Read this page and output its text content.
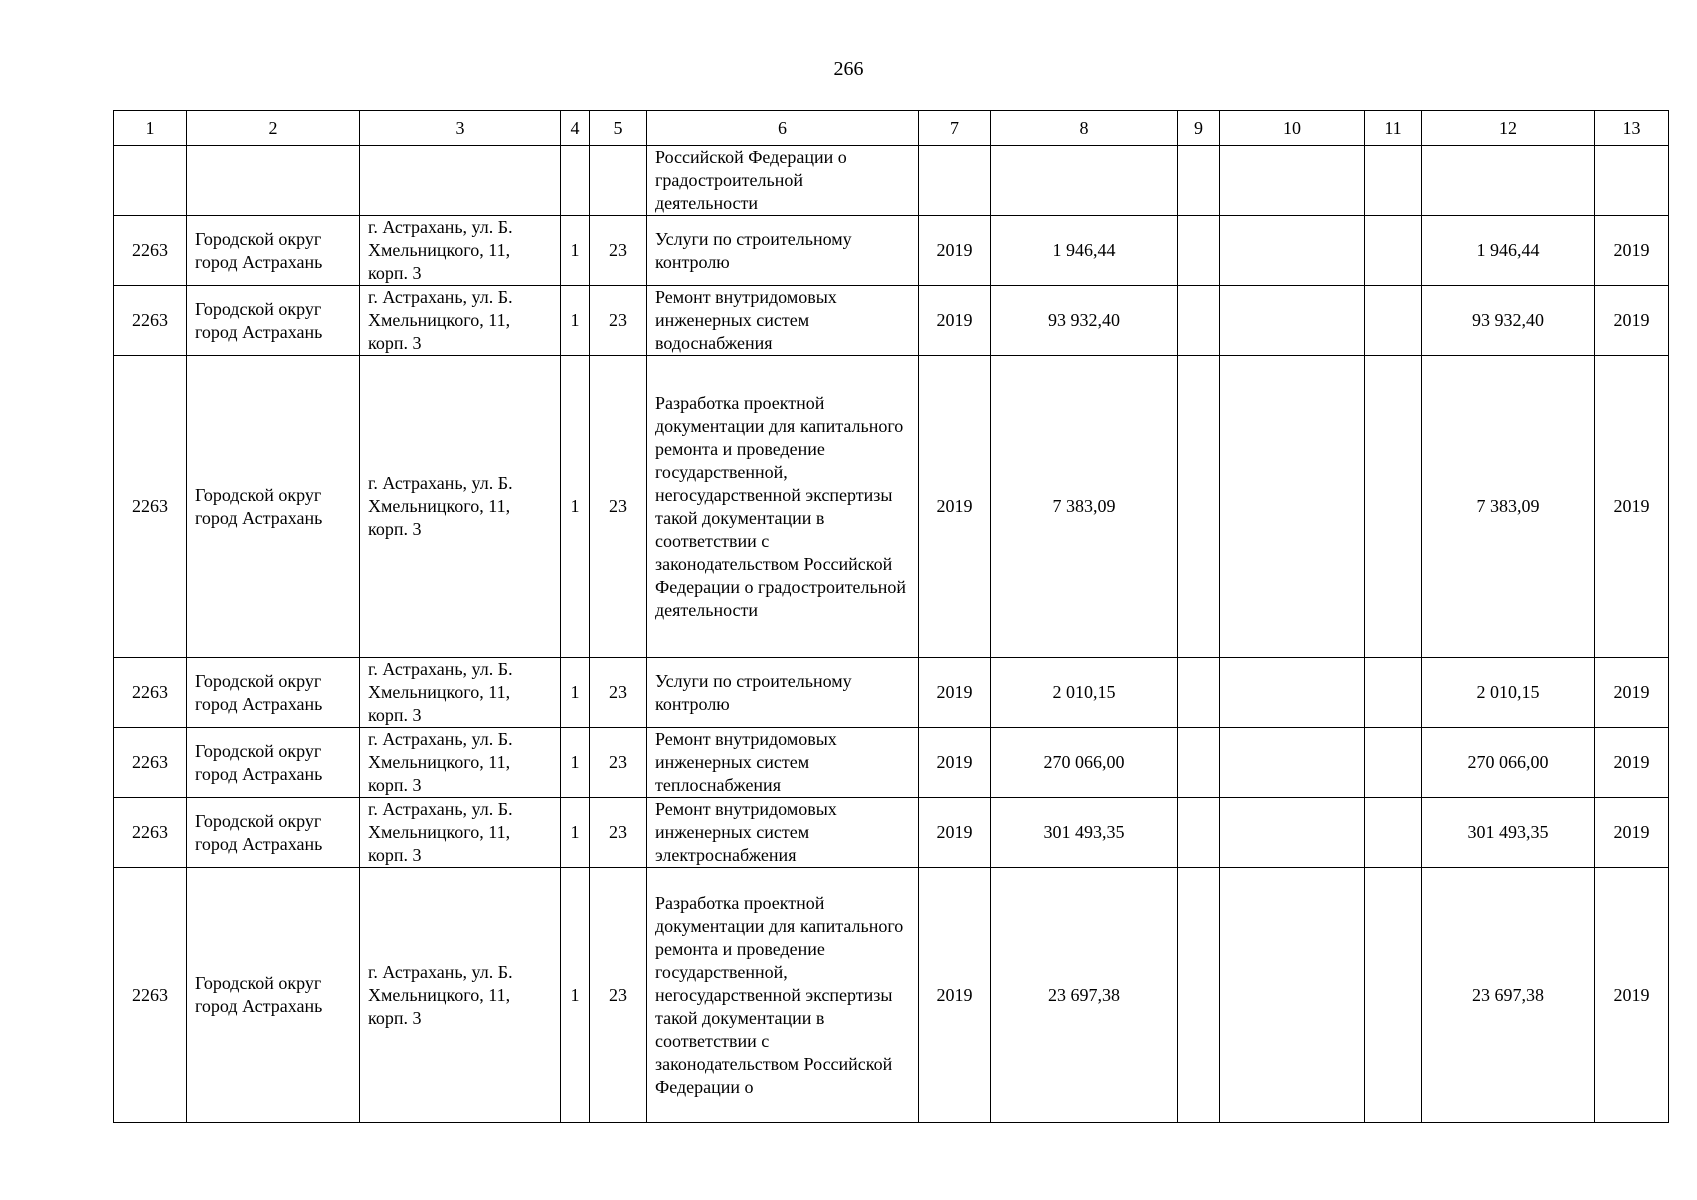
266
1	2	3	4	5	6	7	8	9	10	11	12	13
					Российской Федерации о градостроительной деятельности							
2263	Городской округ город Астрахань	г. Астрахань, ул. Б. Хмельницкого, 11, корп. 3	1	23	Услуги по строительному контролю	2019	1 946,44				1 946,44	2019
2263	Городской округ город Астрахань	г. Астрахань, ул. Б. Хмельницкого, 11, корп. 3	1	23	Ремонт внутридомовых инженерных систем водоснабжения	2019	93 932,40				93 932,40	2019
2263	Городской округ город Астрахань	г. Астрахань, ул. Б. Хмельницкого, 11, корп. 3	1	23	Разработка проектной документации для капитального ремонта и проведение государственной, негосударственной экспертизы такой документации в соответствии с законодательством Российской Федерации о градостроительной деятельности	2019	7 383,09				7 383,09	2019
2263	Городской округ город Астрахань	г. Астрахань, ул. Б. Хмельницкого, 11, корп. 3	1	23	Услуги по строительному контролю	2019	2 010,15				2 010,15	2019
2263	Городской округ город Астрахань	г. Астрахань, ул. Б. Хмельницкого, 11, корп. 3	1	23	Ремонт внутридомовых инженерных систем теплоснабжения	2019	270 066,00				270 066,00	2019
2263	Городской округ город Астрахань	г. Астрахань, ул. Б. Хмельницкого, 11, корп. 3	1	23	Ремонт внутридомовых инженерных систем электроснабжения	2019	301 493,35				301 493,35	2019
2263	Городской округ город Астрахань	г. Астрахань, ул. Б. Хмельницкого, 11, корп. 3	1	23	Разработка проектной документации для капитального ремонта и проведение государственной, негосударственной экспертизы такой документации в соответствии с законодательством Российской Федерации о	2019	23 697,38				23 697,38	2019
